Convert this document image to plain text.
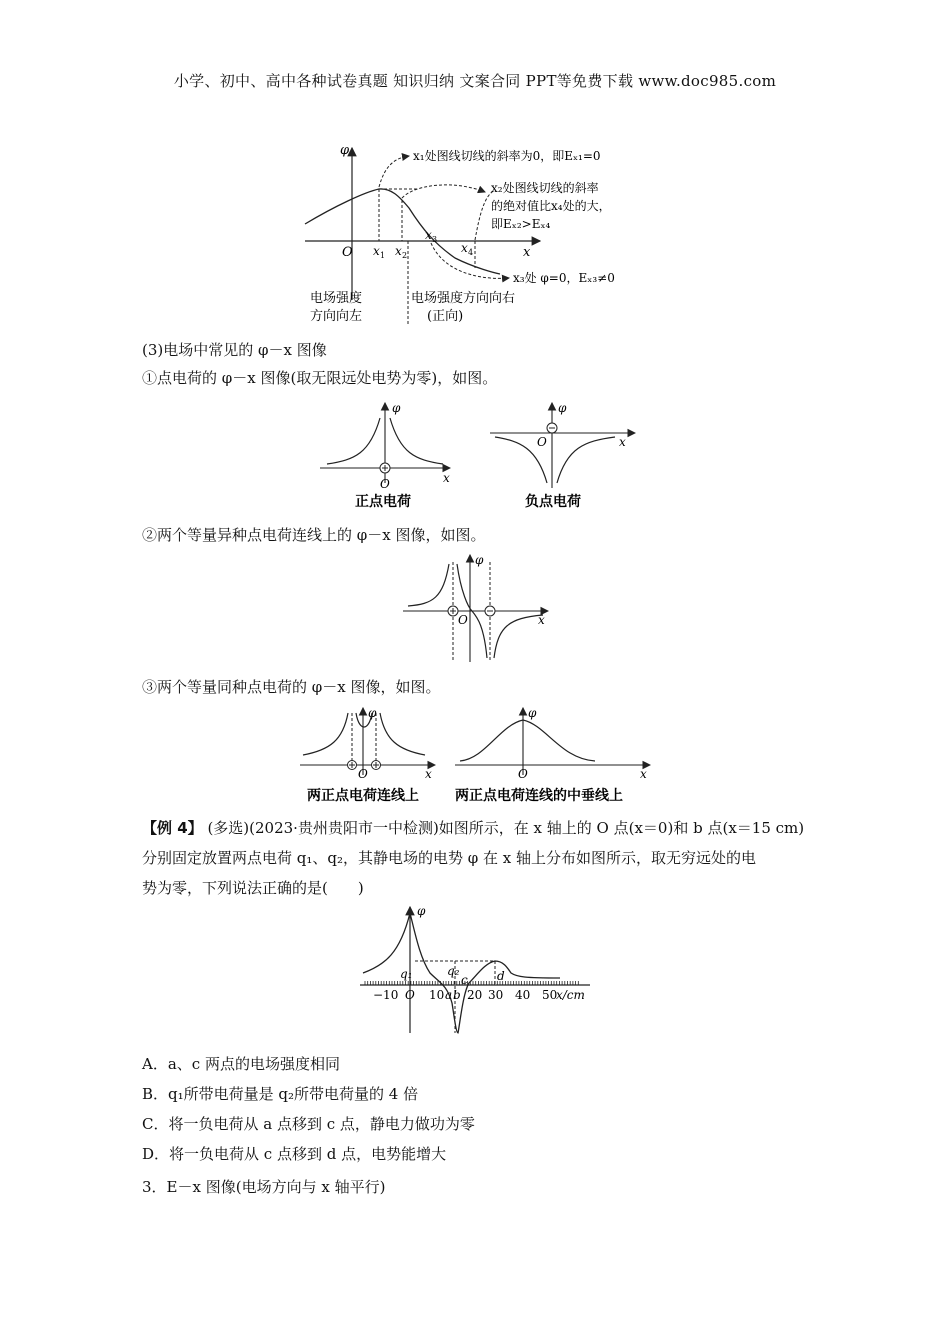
小学、初中、高中各种试卷真题 知识归纳 文案合同 PPT等免费下载 www.doc985.com
φ
x
O x 1 x 2
x 3
x 4
x₁处图线切线的斜率为0，即Eₓ₁=0
x₂处图线切线的斜率
的绝对值比x₄处的大，
即Eₓ₂>Eₓ₄
x₃处 φ=0，Eₓ₃≠0
电场强度
方向向左
电场强度方向向右
(正向)
(3)电场中常见的 φ－x 图像
①点电荷的 φ－x 图像(取无限远处电势为零)，如图。
φ
x
O
正点电荷
φ
x
O
负点电荷
②两个等量异种点电荷连线上的 φ－x 图像，如图。
φ
x
O
③两个等量同种点电荷的 φ－x 图像，如图。
φ
x
O
两正点电荷连线上
φ
x
O
两正点电荷连线的中垂线上
【例 4】 (多选)(2023·贵州贵阳市一中检测)如图所示，在 x 轴上的 O 点(x＝0)和 b 点(x＝15 cm)
分别固定放置两点电荷 q₁、q₂，其静电场的电势 φ 在 x 轴上分布如图所示，取无穷远处的电
势为零，下列说法正确的是(　　)
φ
q₁	q₂
c d
−10 O 10 a b 20 30 40 50
x/cm
A．a、c 两点的电场强度相同
B．q₁所带电荷量是 q₂所带电荷量的 4 倍
C．将一负电荷从 a 点移到 c 点，静电力做功为零
D．将一负电荷从 c 点移到 d 点，电势能增大
3．E－x 图像(电场方向与 x 轴平行)
